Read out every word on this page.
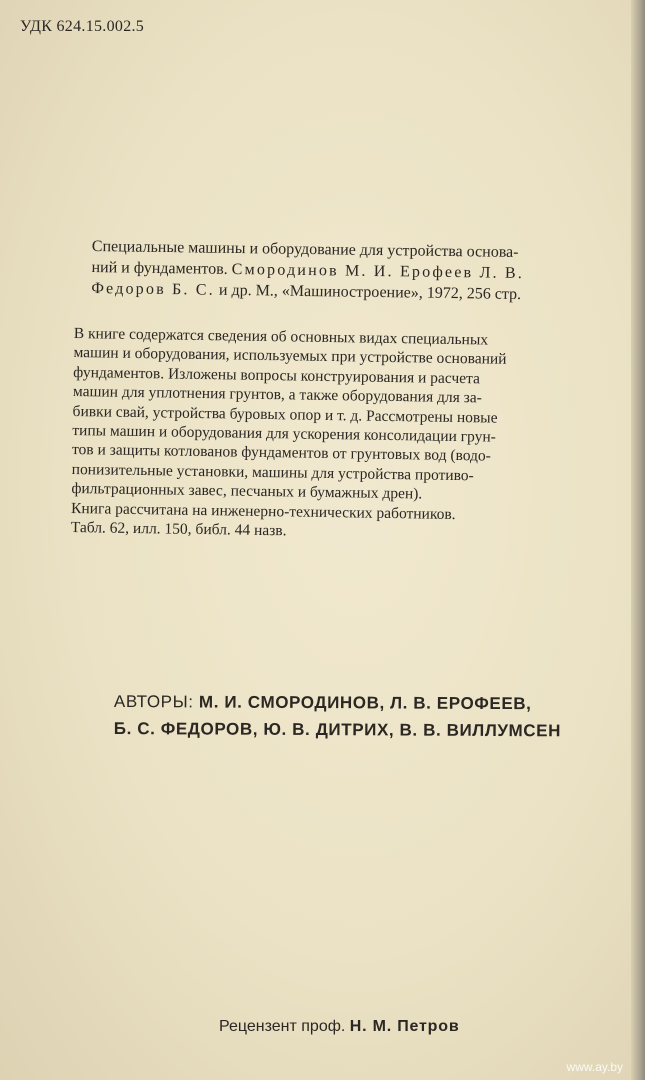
УДК 624.15.002.5
Специальные машины и оборудование для устройства основа-
ний и фундаментов. Смородинов М. И. Ерофеев Л. В.
Федоров Б. С. и др. М., «Машиностроение», 1972, 256 стр.
В книге содержатся сведения об основных видах специальных
машин и оборудования, используемых при устройстве оснований
фундаментов. Изложены вопросы конструирования и расчета
машин для уплотнения грунтов, а также оборудования для за-
бивки свай, устройства буровых опор и т. д. Рассмотрены новые
типы машин и оборудования для ускорения консолидации грун-
тов и защиты котлованов фундаментов от грунтовых вод (водо-
понизительные установки, машины для устройства противо-
фильтрационных завес, песчаных и бумажных дрен).
Книга рассчитана на инженерно-технических работников.
Табл. 62, илл. 150, библ. 44 назв.
АВТОРЫ: М. И. СМОРОДИНОВ, Л. В. ЕРОФЕЕВ,
Б. С. ФЕДОРОВ, Ю. В. ДИТРИХ, В. В. ВИЛЛУМСЕН
Рецензент проф. Н. М. Петров
www.ay.by
